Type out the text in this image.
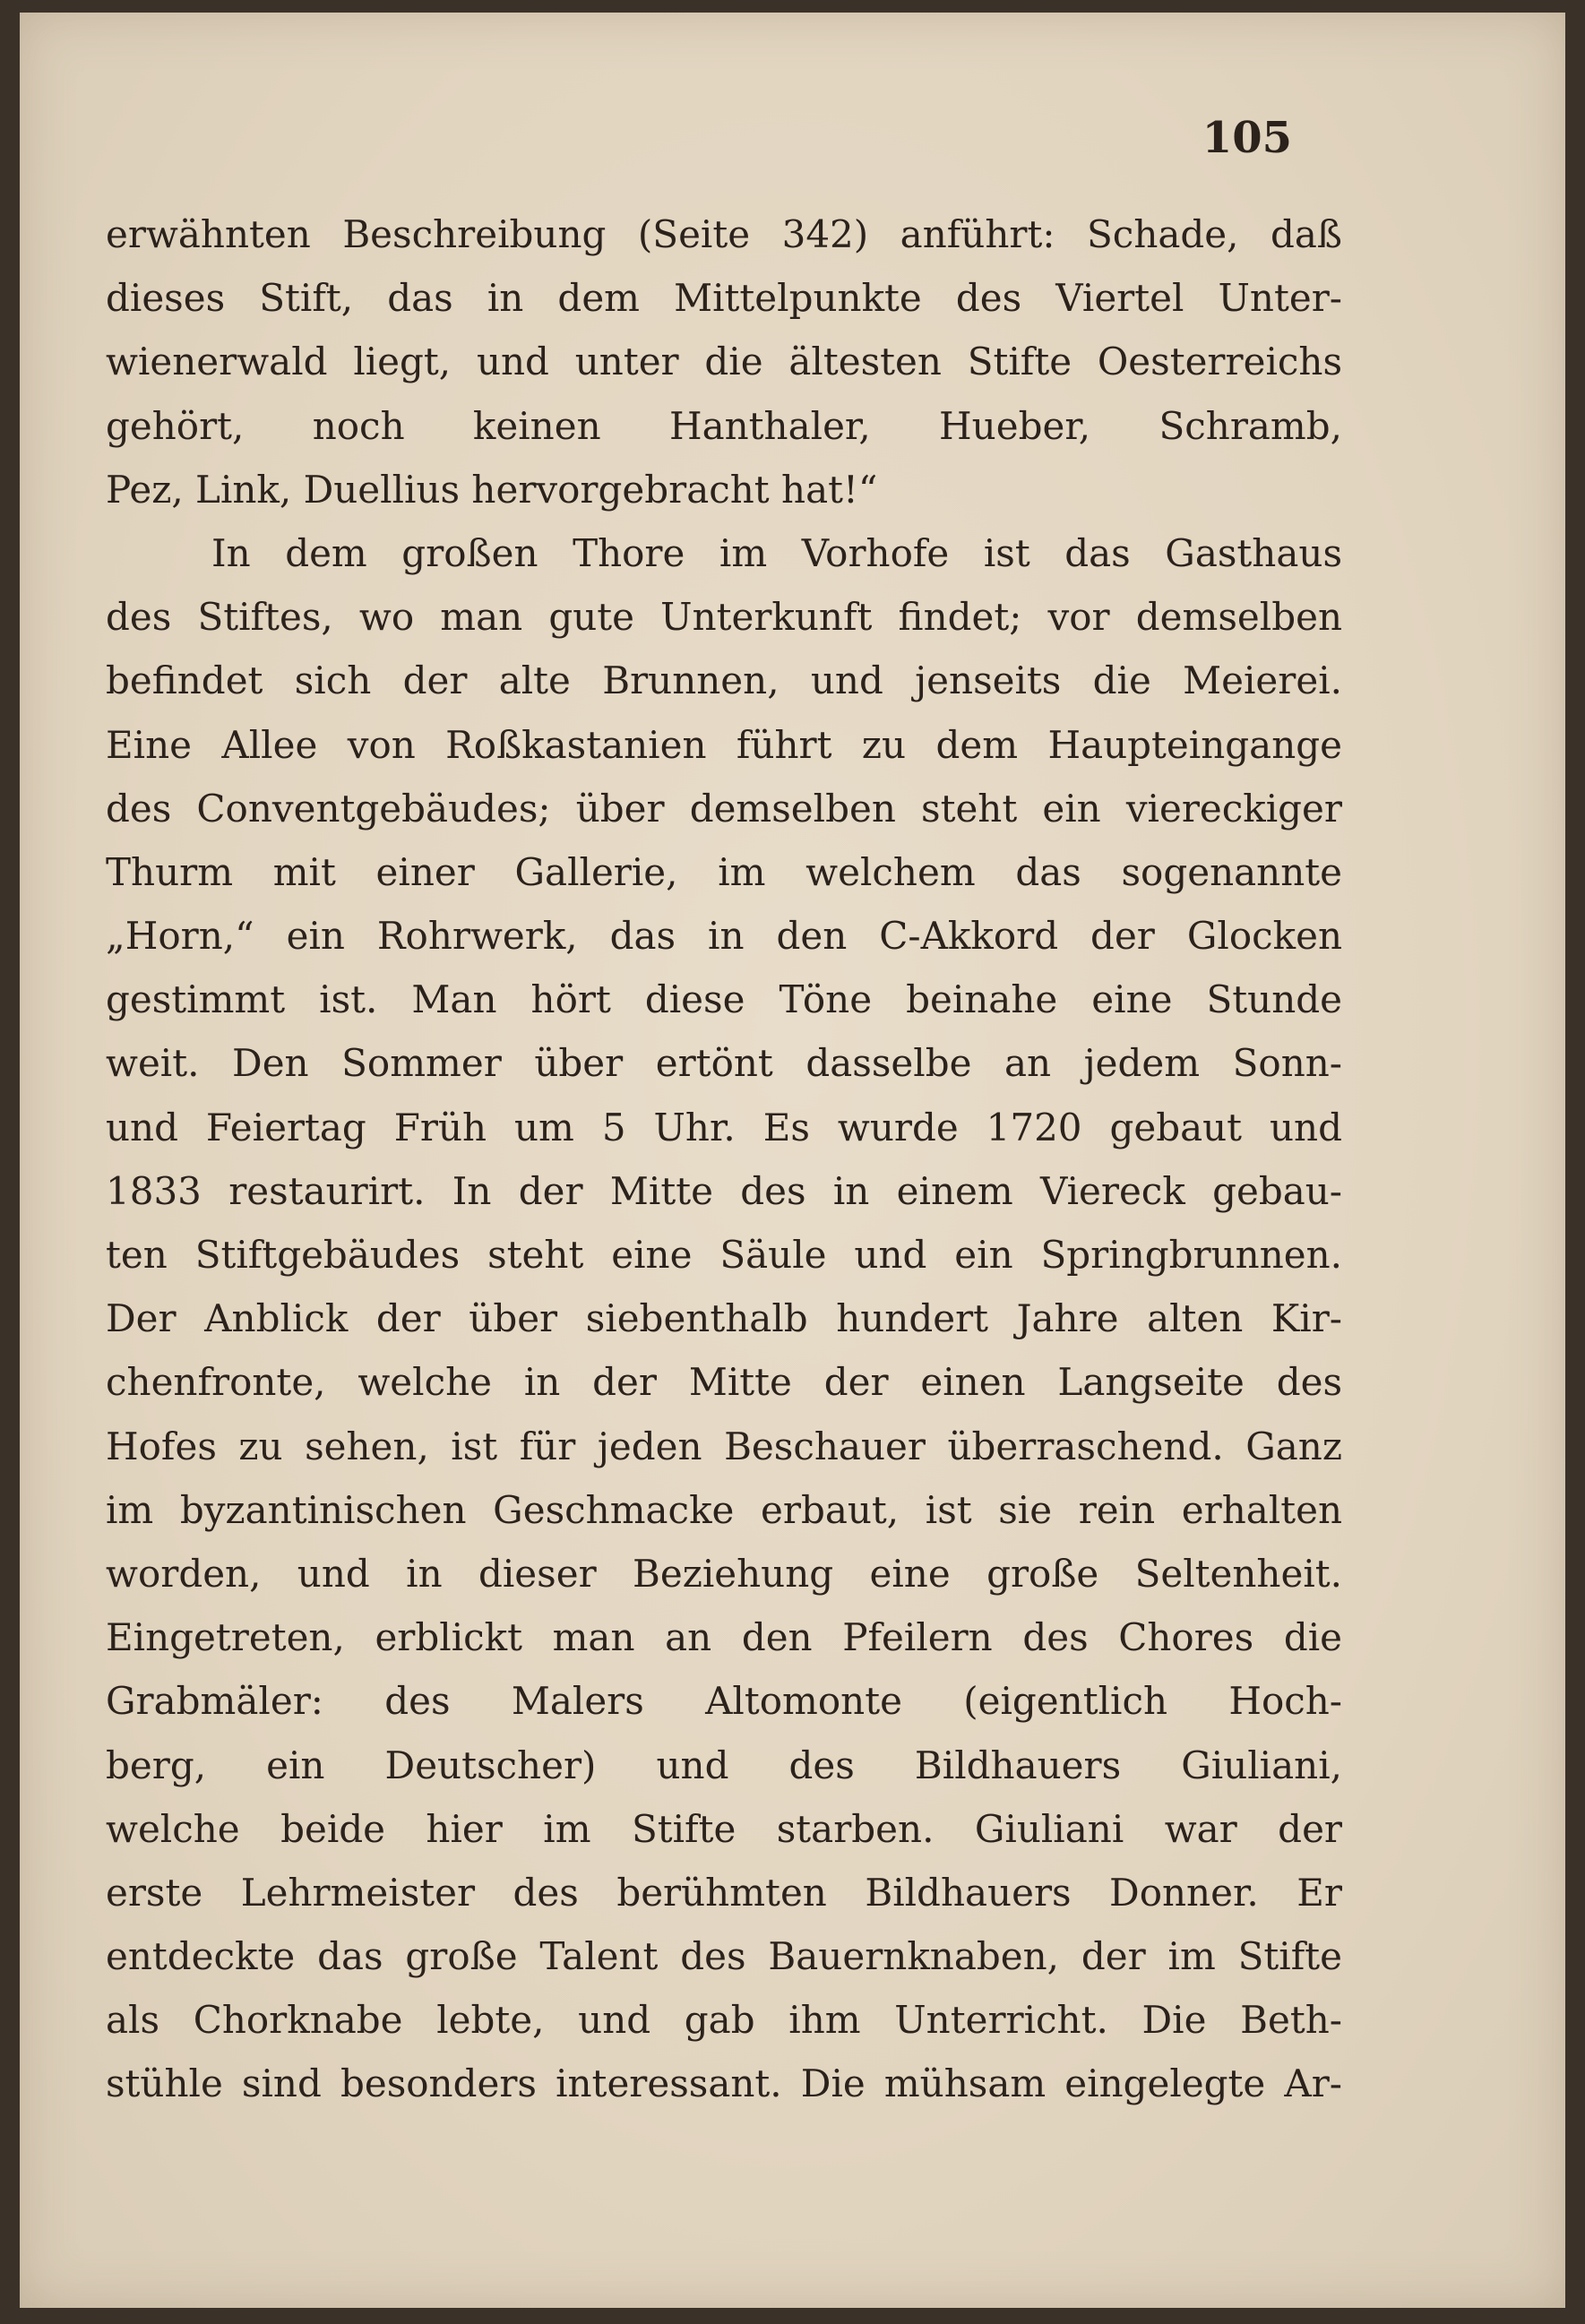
105
erwähnten Beschreibung (Seite 342) anführt: Schade, daß
dieses Stift, das in dem Mittelpunkte des Viertel Unter-
wienerwald liegt, und unter die ältesten Stifte Oesterreichs
gehört, noch keinen Hanthaler, Hueber, Schramb,
Pez, Link, Duellius hervorgebracht hat!“
In dem großen Thore im Vorhofe ist das Gasthaus
des Stiftes, wo man gute Unterkunft findet; vor demselben
befindet sich der alte Brunnen, und jenseits die Meierei.
Eine Allee von Roßkastanien führt zu dem Haupteingange
des Conventgebäudes; über demselben steht ein viereckiger
Thurm mit einer Gallerie, im welchem das sogenannte
„Horn,“ ein Rohrwerk, das in den C-Akkord der Glocken
gestimmt ist. Man hört diese Töne beinahe eine Stunde
weit. Den Sommer über ertönt dasselbe an jedem Sonn-
und Feiertag Früh um 5 Uhr. Es wurde 1720 gebaut und
1833 restaurirt. In der Mitte des in einem Viereck gebau-
ten Stiftgebäudes steht eine Säule und ein Springbrunnen.
Der Anblick der über siebenthalb hundert Jahre alten Kir-
chenfronte, welche in der Mitte der einen Langseite des
Hofes zu sehen, ist für jeden Beschauer überraschend. Ganz
im byzantinischen Geschmacke erbaut, ist sie rein erhalten
worden, und in dieser Beziehung eine große Seltenheit.
Eingetreten, erblickt man an den Pfeilern des Chores die
Grabmäler: des Malers Altomonte (eigentlich Hoch-
berg, ein Deutscher) und des Bildhauers Giuliani,
welche beide hier im Stifte starben. Giuliani war der
erste Lehrmeister des berühmten Bildhauers Donner. Er
entdeckte das große Talent des Bauernknaben, der im Stifte
als Chorknabe lebte, und gab ihm Unterricht. Die Beth-
stühle sind besonders interessant. Die mühsam eingelegte Ar-
